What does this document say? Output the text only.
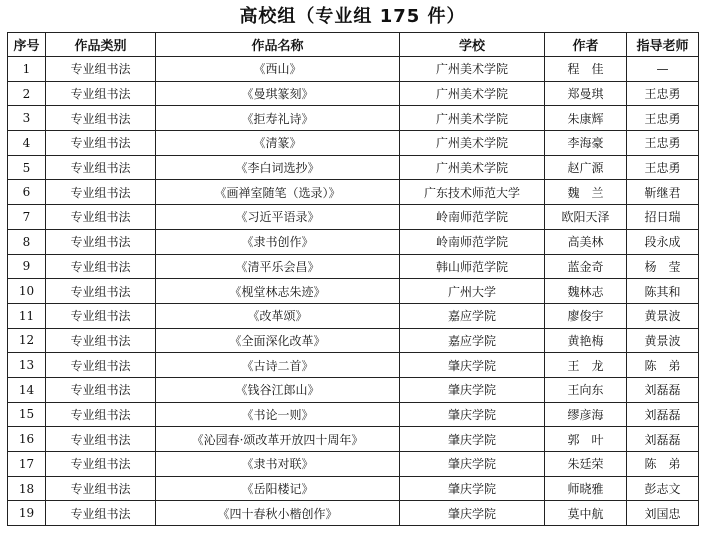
高校组（专业组 175 件）
序号	作品类别	作品名称	学校	作者	指导老师
1	专业组书法	《西山》	广州美术学院	程　佳	—
2	专业组书法	《曼琪篆刻》	广州美术学院	郑曼琪	王忠勇
3	专业组书法	《拒寿礼诗》	广州美术学院	朱康辉	王忠勇
4	专业组书法	《清篆》	广州美术学院	李海豪	王忠勇
5	专业组书法	《李白词选抄》	广州美术学院	赵广源	王忠勇
6	专业组书法	《画禅室随笔（选录）》	广东技术师范大学	魏　兰	靳继君
7	专业组书法	《习近平语录》	岭南师范学院	欧阳天泽	招日瑞
8	专业组书法	《隶书创作》	岭南师范学院	高美林	段永成
9	专业组书法	《清平乐会昌》	韩山师范学院	蓝金奇	杨　莹
10	专业组书法	《枧堂林志朱迹》	广州大学	魏林志	陈其和
11	专业组书法	《改革颂》	嘉应学院	廖俊宇	黄景波
12	专业组书法	《全面深化改革》	嘉应学院	黄艳梅	黄景波
13	专业组书法	《古诗二首》	肇庆学院	王　龙	陈　弟
14	专业组书法	《钱谷江郎山》	肇庆学院	王向东	刘磊磊
15	专业组书法	《书论一则》	肇庆学院	缪彦海	刘磊磊
16	专业组书法	《沁园春·颂改革开放四十周年》	肇庆学院	郭　叶	刘磊磊
17	专业组书法	《隶书对联》	肇庆学院	朱廷荣	陈　弟
18	专业组书法	《岳阳楼记》	肇庆学院	师晓雅	彭志文
19	专业组书法	《四十春秋小楷创作》	肇庆学院	莫中航	刘国忠
